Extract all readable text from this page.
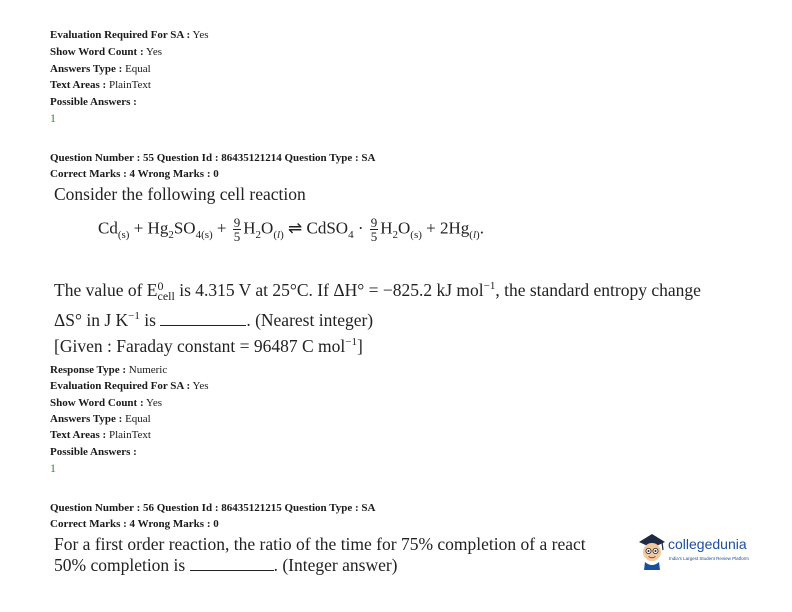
Evaluation Required For SA : Yes
Show Word Count : Yes
Answers Type : Equal
Text Areas : PlainText
Possible Answers :
1
Question Number : 55 Question Id : 86435121214 Question Type : SA
Correct Marks : 4 Wrong Marks : 0
Consider the following cell reaction
$Cd_{(s)} + Hg_2SO_{4(s)} + \frac{9}{5} H_2O_{(l)}$ ⇌ CdSO$_4$ · $\frac{9}{5} H_2O_{(s)} + 2Hg_{(l)}$.
The value of E 0
cell is 4.315 V at 25°C. If ΔH° = −825.2 kJ mol$^{-1}$, the standard entropy change
ΔS° in J $K^{-1}$ is	. (Nearest integer)
[Given : Faraday constant = 96487 C mol$^{-1}$]
Response Type : Numeric
Evaluation Required For SA : Yes
Show Word Count : Yes
Answers Type : Equal
Text Areas : PlainText
Possible Answers :
1
Question Number : 56 Question Id : 86435121215 Question Type : SA
Correct Marks : 4 Wrong Marks : 0
For a first order reaction, the ratio of the time for 75% completion of a react
50% completion is	. (Integer answer)
collegedunia
India's Largest Student Review Platform
